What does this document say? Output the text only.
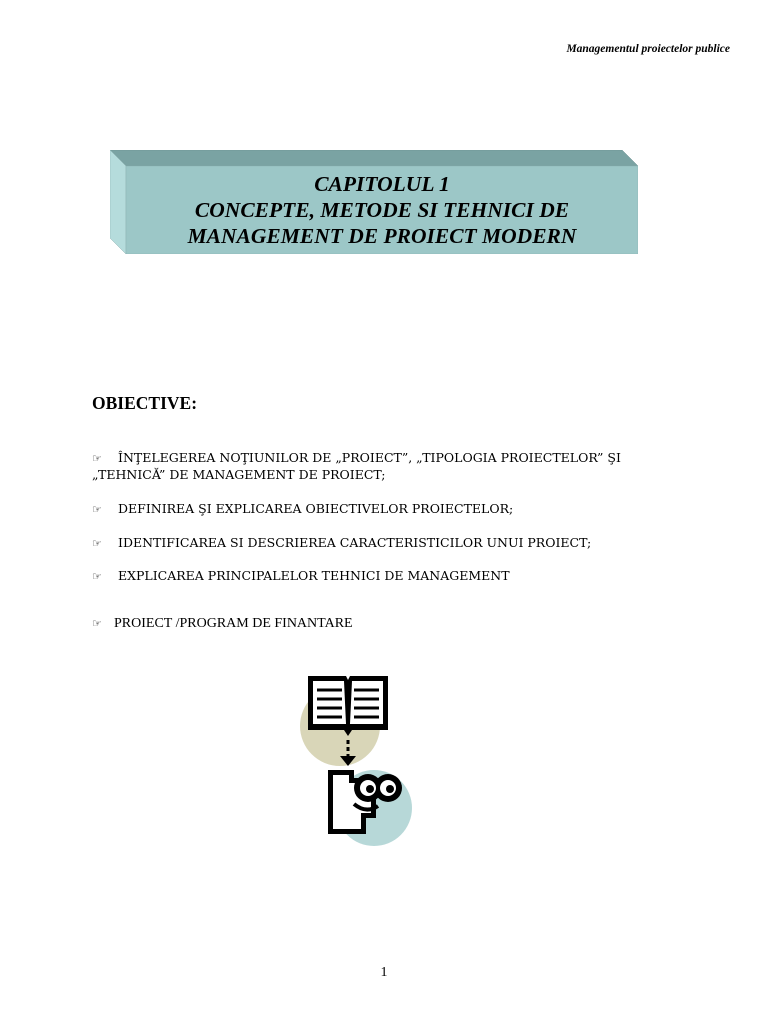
Managementul proiectelor publice
CAPITOLUL 1
CONCEPTE, METODE SI TEHNICI DE
MANAGEMENT DE PROIECT MODERN
OBIECTIVE:
☞ ÎNŢELEGEREA NOŢIUNILOR DE „PROIECT”, „TIPOLOGIA PROIECTELOR” ŞI „TEHNICĂ” DE MANAGEMENT DE PROIECT;
☞ DEFINIREA ŞI EXPLICAREA OBIECTIVELOR PROIECTELOR;
☞ IDENTIFICAREA SI DESCRIEREA CARACTERISTICILOR UNUI PROIECT;
☞ EXPLICAREA PRINCIPALELOR TEHNICI DE MANAGEMENT
☞ PROIECT /PROGRAM DE FINANTARE
1
